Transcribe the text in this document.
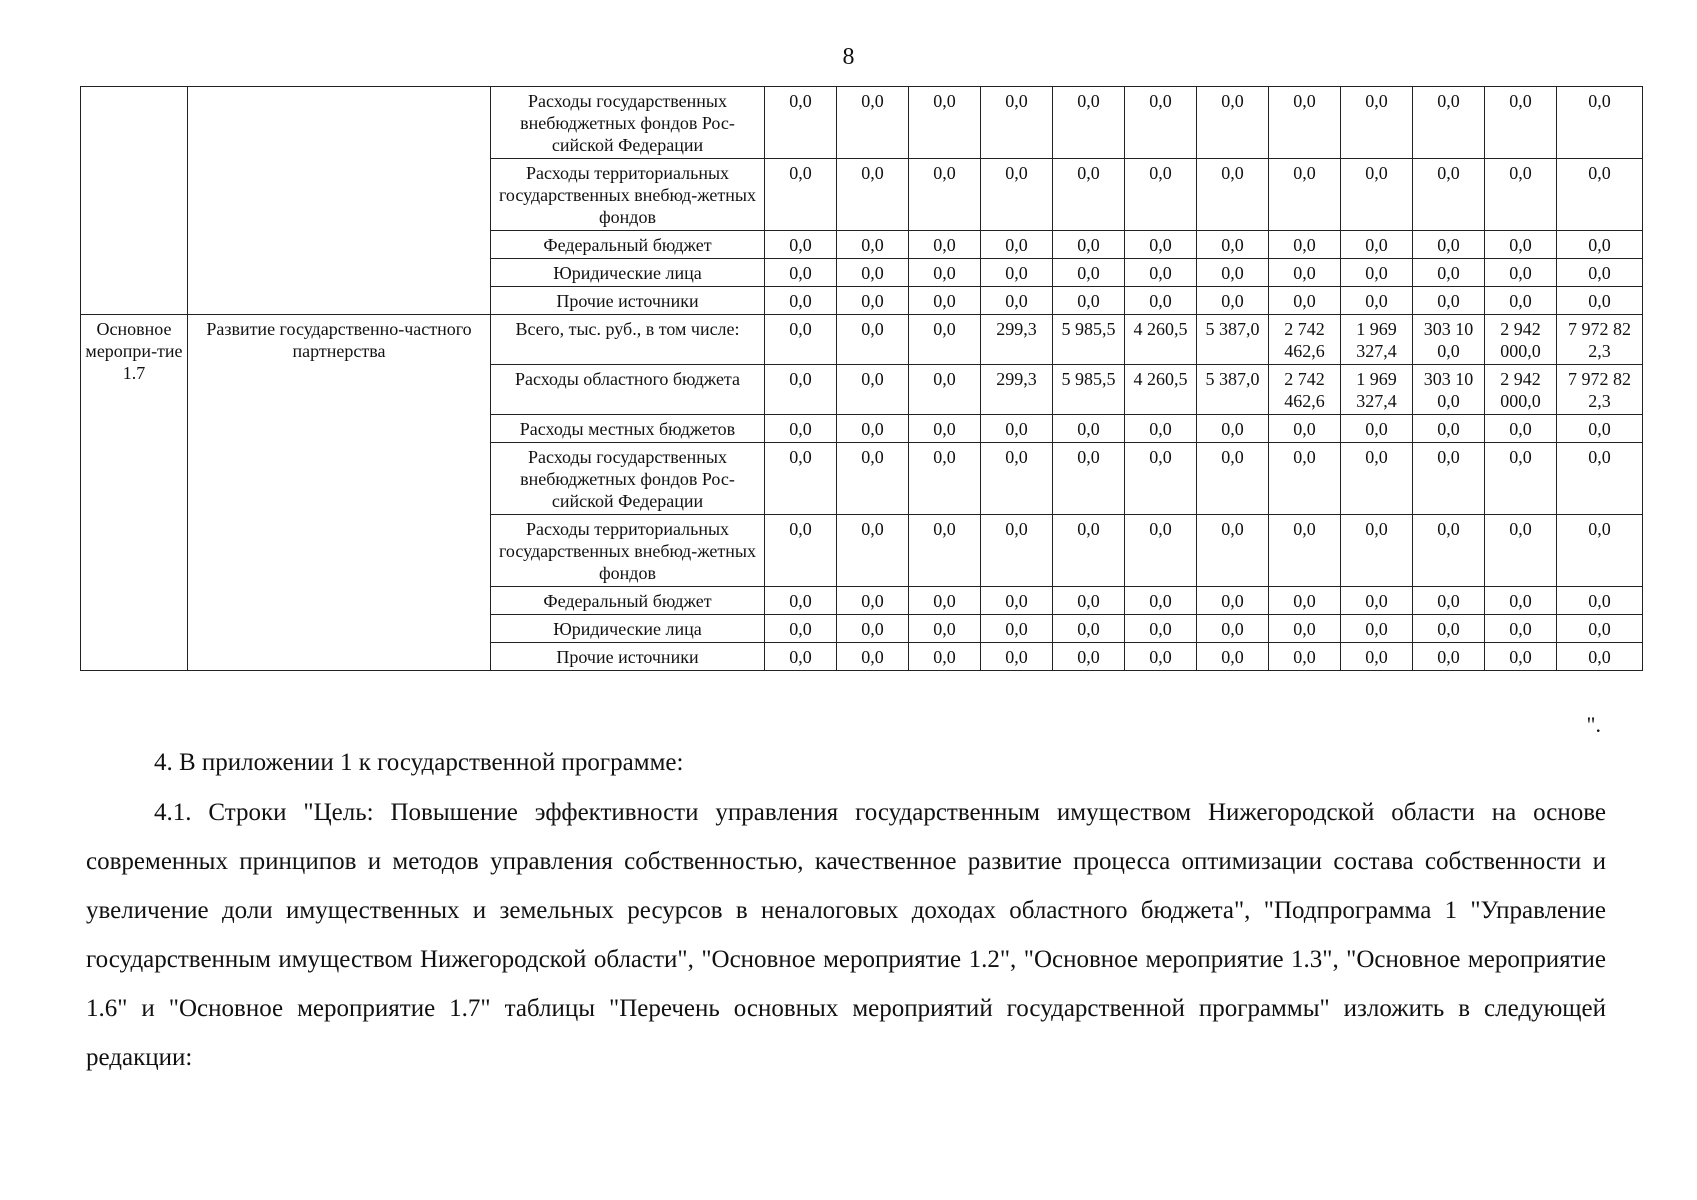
8
		Расходы государственных внебюджетных фондов Рос-сийской Федерации	0,0	0,0	0,0	0,0	0,0	0,0	0,0	0,0	0,0	0,0	0,0	0,0
		Расходы территориальных государственных внебюд-жетных фондов	0,0	0,0	0,0	0,0	0,0	0,0	0,0	0,0	0,0	0,0	0,0	0,0
		Федеральный бюджет	0,0	0,0	0,0	0,0	0,0	0,0	0,0	0,0	0,0	0,0	0,0	0,0
		Юридические лица	0,0	0,0	0,0	0,0	0,0	0,0	0,0	0,0	0,0	0,0	0,0	0,0
		Прочие источники	0,0	0,0	0,0	0,0	0,0	0,0	0,0	0,0	0,0	0,0	0,0	0,0
Основное меропри-тие 1.7	Развитие государственно-частного партнерства	Всего, тыс. руб., в том числе:	0,0	0,0	0,0	299,3	5 985,5	4 260,5	5 387,0	2 742 462,6	1 969 327,4	303 10 0,0	2 942 000,0	7 972 82 2,3
		Расходы областного бюджета	0,0	0,0	0,0	299,3	5 985,5	4 260,5	5 387,0	2 742 462,6	1 969 327,4	303 10 0,0	2 942 000,0	7 972 82 2,3
		Расходы местных бюджетов	0,0	0,0	0,0	0,0	0,0	0,0	0,0	0,0	0,0	0,0	0,0	0,0
		Расходы государственных внебюджетных фондов Рос-сийской Федерации	0,0	0,0	0,0	0,0	0,0	0,0	0,0	0,0	0,0	0,0	0,0	0,0
		Расходы территориальных государственных внебюд-жетных фондов	0,0	0,0	0,0	0,0	0,0	0,0	0,0	0,0	0,0	0,0	0,0	0,0
		Федеральный бюджет	0,0	0,0	0,0	0,0	0,0	0,0	0,0	0,0	0,0	0,0	0,0	0,0
		Юридические лица	0,0	0,0	0,0	0,0	0,0	0,0	0,0	0,0	0,0	0,0	0,0	0,0
		Прочие источники	0,0	0,0	0,0	0,0	0,0	0,0	0,0	0,0	0,0	0,0	0,0	0,0
".
4. В приложении 1 к государственной программе:
4.1. Строки "Цель: Повышение эффективности управления государственным имуществом Нижегородской области на основе современных принципов и методов управления собственностью, качественное развитие процесса оптимизации состава собственности и увеличение доли имущественных и земельных ресурсов в неналоговых доходах областного бюджета", "Подпрограмма 1 "Управление государственным имуществом Нижегородской области", "Основное мероприятие 1.2", "Основное мероприятие 1.3", "Основное мероприятие 1.6" и "Основное мероприятие 1.7" таблицы "Перечень основных мероприятий государственной программы" изложить в следующей редакции:
